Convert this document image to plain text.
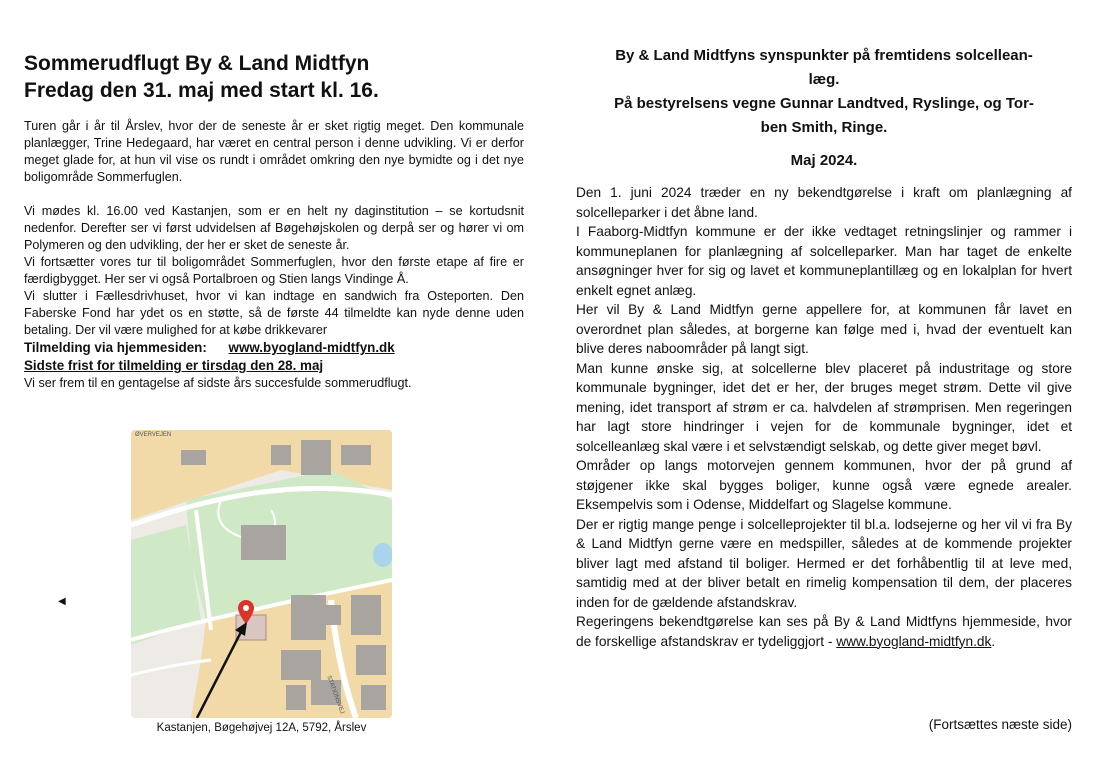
Sommerudflugt By & Land Midtfyn
Fredag den 31. maj med start kl. 16.

Turen går i år til Årslev, hvor der de seneste år er sket rigtig meget. Den kommunale planlægger, Trine Hedegaard, har været en central person i denne udvikling. Vi er derfor meget glade for, at hun vil vise os rundt i området omkring den nye bymidte og i det nye boligområde Sommerfuglen.

Vi mødes kl. 16.00 ved Kastanjen, som er en helt ny daginstitution – se kortudsnit nedenfor. Derefter ser vi først udvidelsen af Bøgehøjskolen og derpå ser og hører vi om Polymeren og den udvikling, der her er sket de seneste år.

Vi fortsætter vores tur til boligområdet Sommerfuglen, hvor den første etape af fire er færdigbygget. Her ser vi også Portalbroen og Stien langs Vindinge Å.

Vi slutter i Fællesdrivhuset, hvor vi kan indtage en sandwich fra Osteporten. Den Faberske Fond har ydet os en støtte, så de første 44 tilmeldte kan nyde denne uden betaling. Der vil være mulighed for at købe drikkevarer

Tilmelding via hjemmesiden: www.byogland-midtfyn.dk

Sidste frist for tilmelding er tirsdag den 28. maj

Vi ser frem til en gentagelse af sidste års succesfulde sommerudflugt.

◀
ØVERVEJEN
STATIONSVEJ
Kastanjen, Bøgehøjvej 12A, 5792, Årslev

By & Land Midtfyns synspunkter på fremtidens solcellean-

læg.

På bestyrelsens vegne Gunnar Landtved, Ryslinge, og Tor-

ben Smith, Ringe.

Maj 2024.

Den 1. juni 2024 træder en ny bekendtgørelse i kraft om planlægning af solcelleparker i det åbne land.

I Faaborg-Midtfyn kommune er der ikke vedtaget retningslinjer og rammer i kommuneplanen for planlægning af solcelleparker. Man har taget de enkelte ansøgninger hver for sig og lavet et kommuneplantillæg og en lokalplan for hvert enkelt egnet anlæg.

Her vil By & Land Midtfyn gerne appellere for, at kommunen får lavet en overordnet plan således, at borgerne kan følge med i, hvad der eventuelt kan blive deres naboområder på langt sigt.

Man kunne ønske sig, at solcellerne blev placeret på industritage og store kommunale bygninger, idet det er her, der bruges meget strøm. Dette vil give mening, idet transport af strøm er ca. halvdelen af strømprisen. Men regeringen har lagt store hindringer i vejen for de kommunale bygninger, idet et solcelleanlæg skal være i et selvstændigt selskab, og dette giver meget bøvl.

Områder op langs motorvejen gennem kommunen, hvor der på grund af støjgener ikke skal bygges boliger, kunne også være egnede arealer. Eksempelvis som i Odense, Middelfart og Slagelse kommune.

Der er rigtig mange penge i solcelleprojekter til bl.a. lodsejerne og her vil vi fra By & Land Midtfyn gerne være en medspiller, således at de kommende projekter bliver lagt med afstand til boliger. Hermed er det forhåbentlig til at leve med, samtidig med at der bliver betalt en rimelig kompensation til dem, der placeres inden for de gældende afstandskrav.

Regeringens bekendtgørelse kan ses på By & Land Midtfyns hjemmeside, hvor de forskellige afstandskrav er tydeliggjort - www.byogland-midtfyn.dk.

(Fortsættes næste side)
